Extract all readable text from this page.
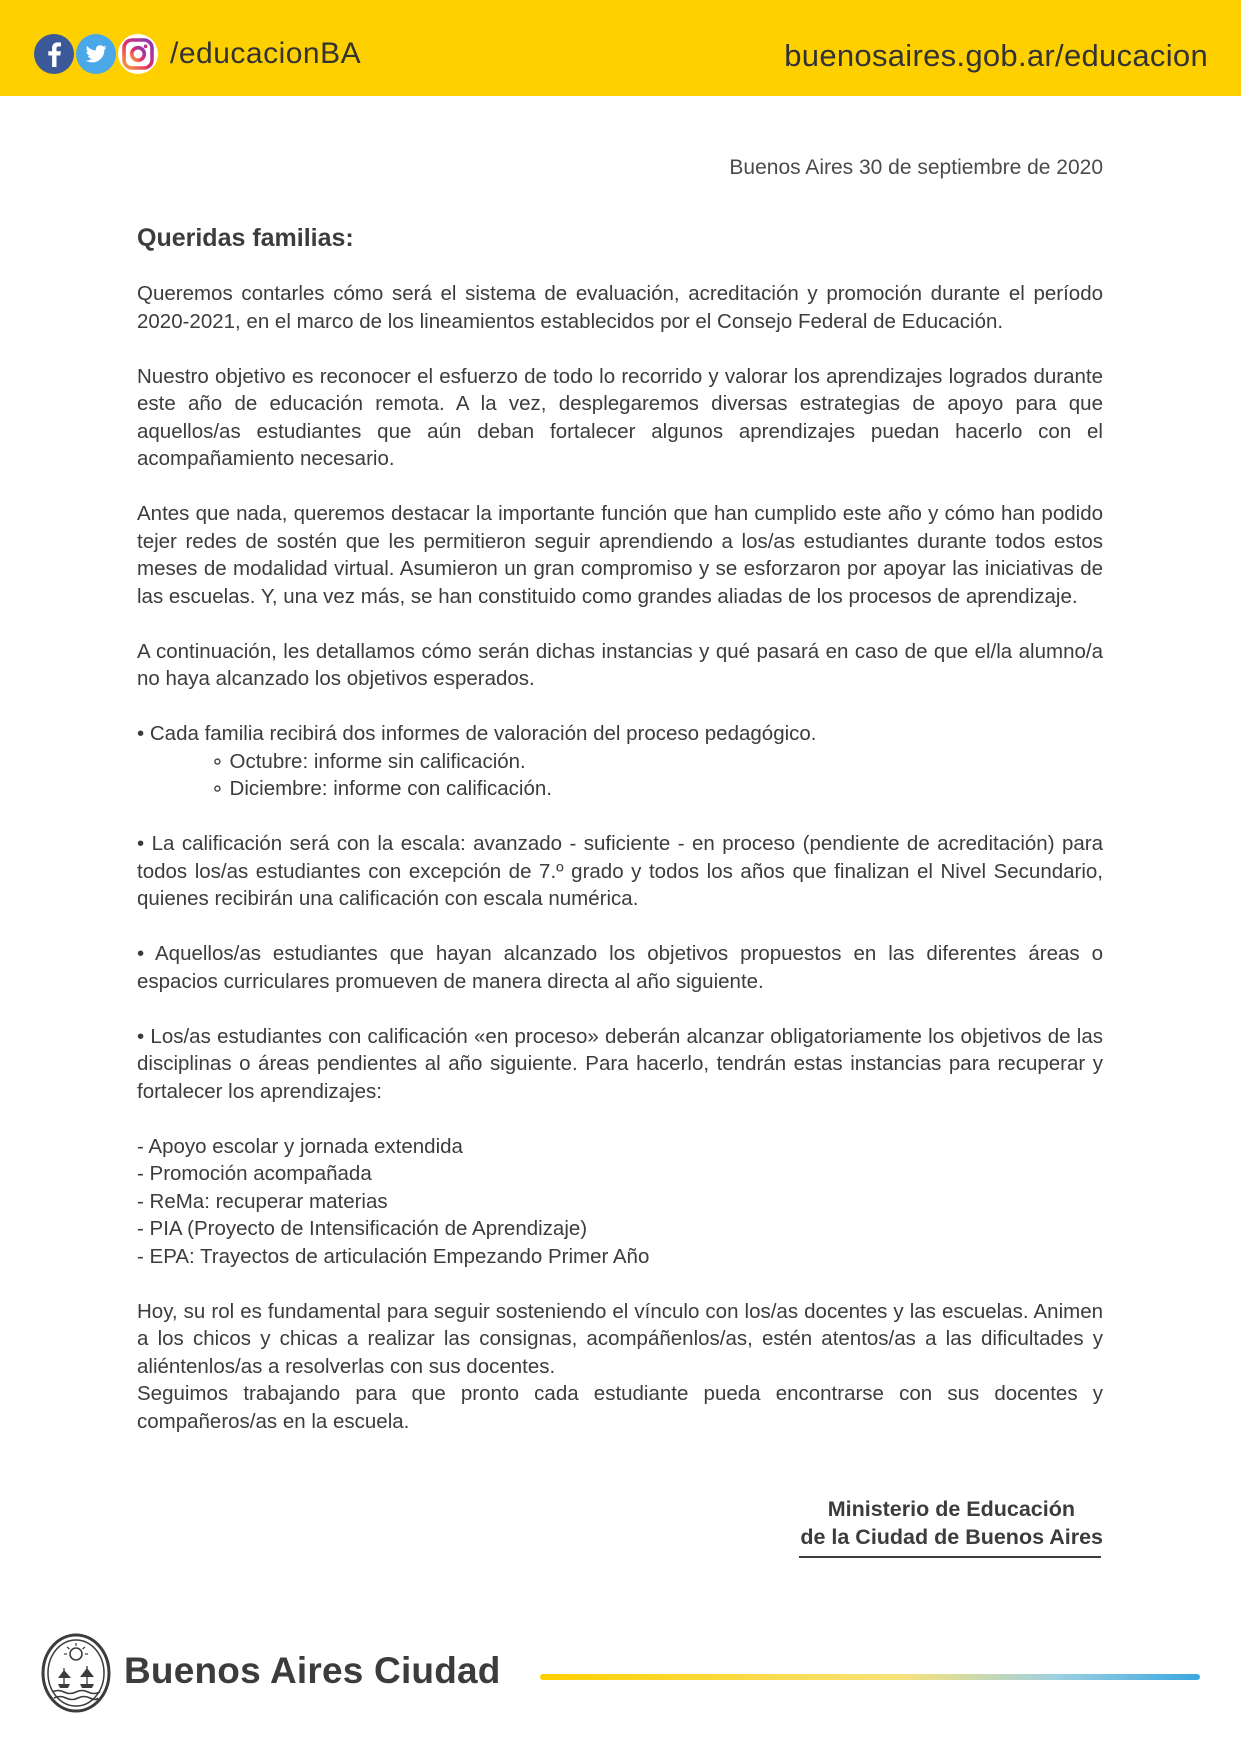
/educacionBA	buenosaires.gob.ar/educacion
Buenos Aires 30 de septiembre de 2020
Queridas familias:

Queremos contarles cómo será el sistema de evaluación, acreditación y promoción durante el período 2020-2021, en el marco de los lineamientos establecidos por el Consejo Federal de Educación.

Nuestro objetivo es reconocer el esfuerzo de todo lo recorrido y valorar los aprendizajes logrados durante este año de educación remota. A la vez, desplegaremos diversas estrategias de apoyo para que aquellos/as estudiantes que aún deban fortalecer algunos aprendizajes puedan hacerlo con el acompañamiento necesario.

Antes que nada, queremos destacar la importante función que han cumplido este año y cómo han podido tejer redes de sostén que les permitieron seguir aprendiendo a los/as estudiantes durante todos estos meses de modalidad virtual. Asumieron un gran compromiso y se esforzaron por apoyar las iniciativas de las escuelas. Y, una vez más, se han constituido como grandes aliadas de los procesos de aprendizaje.

A continuación, les detallamos cómo serán dichas instancias y qué pasará en caso de que el/la alumno/a no haya alcanzado los objetivos esperados.

• Cada familia recibirá dos informes de valoración del proceso pedagógico.

∘ Octubre: informe sin calificación.
∘ Diciembre: informe con calificación.

• La calificación será con la escala: avanzado - suficiente - en proceso (pendiente de acreditación) para todos los/as estudiantes con excepción de 7.º grado y todos los años que finalizan el Nivel Secundario, quienes recibirán una calificación con escala numérica.

• Aquellos/as estudiantes que hayan alcanzado los objetivos propuestos en las diferentes áreas o espacios curriculares promueven de manera directa al año siguiente.

• Los/as estudiantes con calificación «en proceso» deberán alcanzar obligatoriamente los objetivos de las disciplinas o áreas pendientes al año siguiente. Para hacerlo, tendrán estas instancias para recuperar y fortalecer los aprendizajes:

- Apoyo escolar y jornada extendida
- Promoción acompañada
- ReMa: recuperar materias
- PIA (Proyecto de Intensificación de Aprendizaje)
- EPA: Trayectos de articulación Empezando Primer Año

Hoy, su rol es fundamental para seguir sosteniendo el vínculo con los/as docentes y las escuelas. Animen a los chicos y chicas a realizar las consignas, acompáñenlos/as, estén atentos/as a las dificultades y aliéntenlos/as a resolverlas con sus docentes.

Seguimos trabajando para que pronto cada estudiante pueda encontrarse con sus docentes y compañeros/as en la escuela.

Ministerio de Educación
de la Ciudad de Buenos Aires
Buenos Aires Ciudad
